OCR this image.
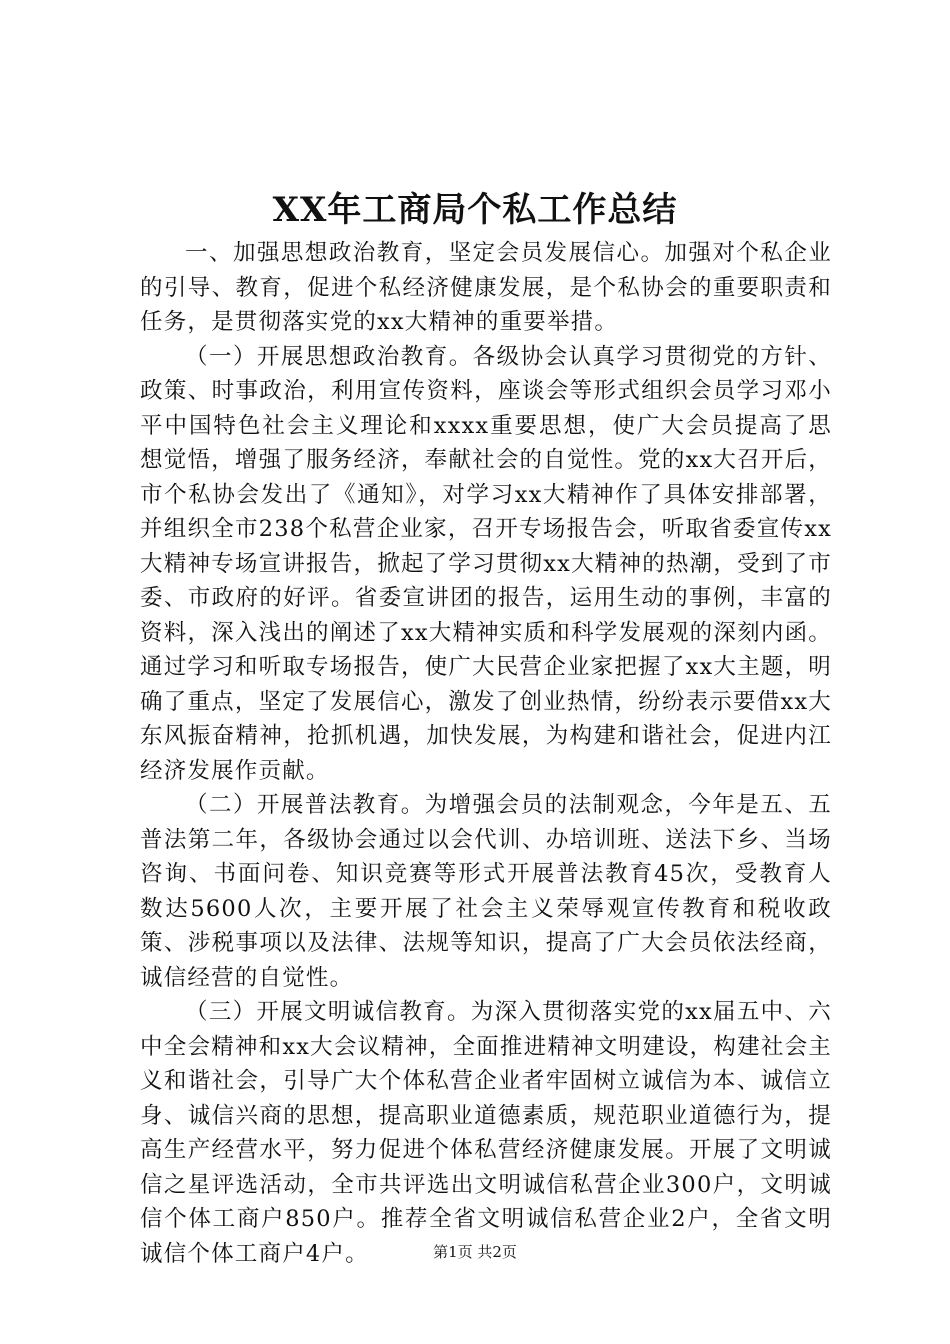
XX年工商局个私工作总结

一、加强思想政治教育，坚定会员发展信心。加强对个私企业的引导、教育，促进个私经济健康发展，是个私协会的重要职责和任务，是贯彻落实党的xx大精神的重要举措。

（一）开展思想政治教育。各级协会认真学习贯彻党的方针、政策、时事政治，利用宣传资料，座谈会等形式组织会员学习邓小平中国特色社会主义理论和xxxx重要思想，使广大会员提高了思想觉悟，增强了服务经济，奉献社会的自觉性。党的xx大召开后，市个私协会发出了《通知》，对学习xx大精神作了具体安排部署，并组织全市238个私营企业家，召开专场报告会，听取省委宣传xx大精神专场宣讲报告，掀起了学习贯彻xx大精神的热潮，受到了市委、市政府的好评。省委宣讲团的报告，运用生动的事例，丰富的资料，深入浅出的阐述了xx大精神实质和科学发展观的深刻内函。通过学习和听取专场报告，使广大民营企业家把握了xx大主题，明确了重点，坚定了发展信心，激发了创业热情，纷纷表示要借xx大东风振奋精神，抢抓机遇，加快发展，为构建和谐社会，促进内江经济发展作贡献。

（二）开展普法教育。为增强会员的法制观念，今年是五、五普法第二年，各级协会通过以会代训、办培训班、送法下乡、当场咨询、书面问卷、知识竞赛等形式开展普法教育45次，受教育人数达5600人次，主要开展了社会主义荣辱观宣传教育和税收政策、涉税事项以及法律、法规等知识，提高了广大会员依法经商，诚信经营的自觉性。

（三）开展文明诚信教育。为深入贯彻落实党的xx届五中、六中全会精神和xx大会议精神，全面推进精神文明建设，构建社会主义和谐社会，引导广大个体私营企业者牢固树立诚信为本、诚信立身、诚信兴商的思想，提高职业道德素质，规范职业道德行为，提高生产经营水平，努力促进个体私营经济健康发展。开展了文明诚信之星评选活动，全市共评选出文明诚信私营企业300户，文明诚信个体工商户850户。推荐全省文明诚信私营企业2户，全省文明诚信个体工商户4户。	第1页 共2页
